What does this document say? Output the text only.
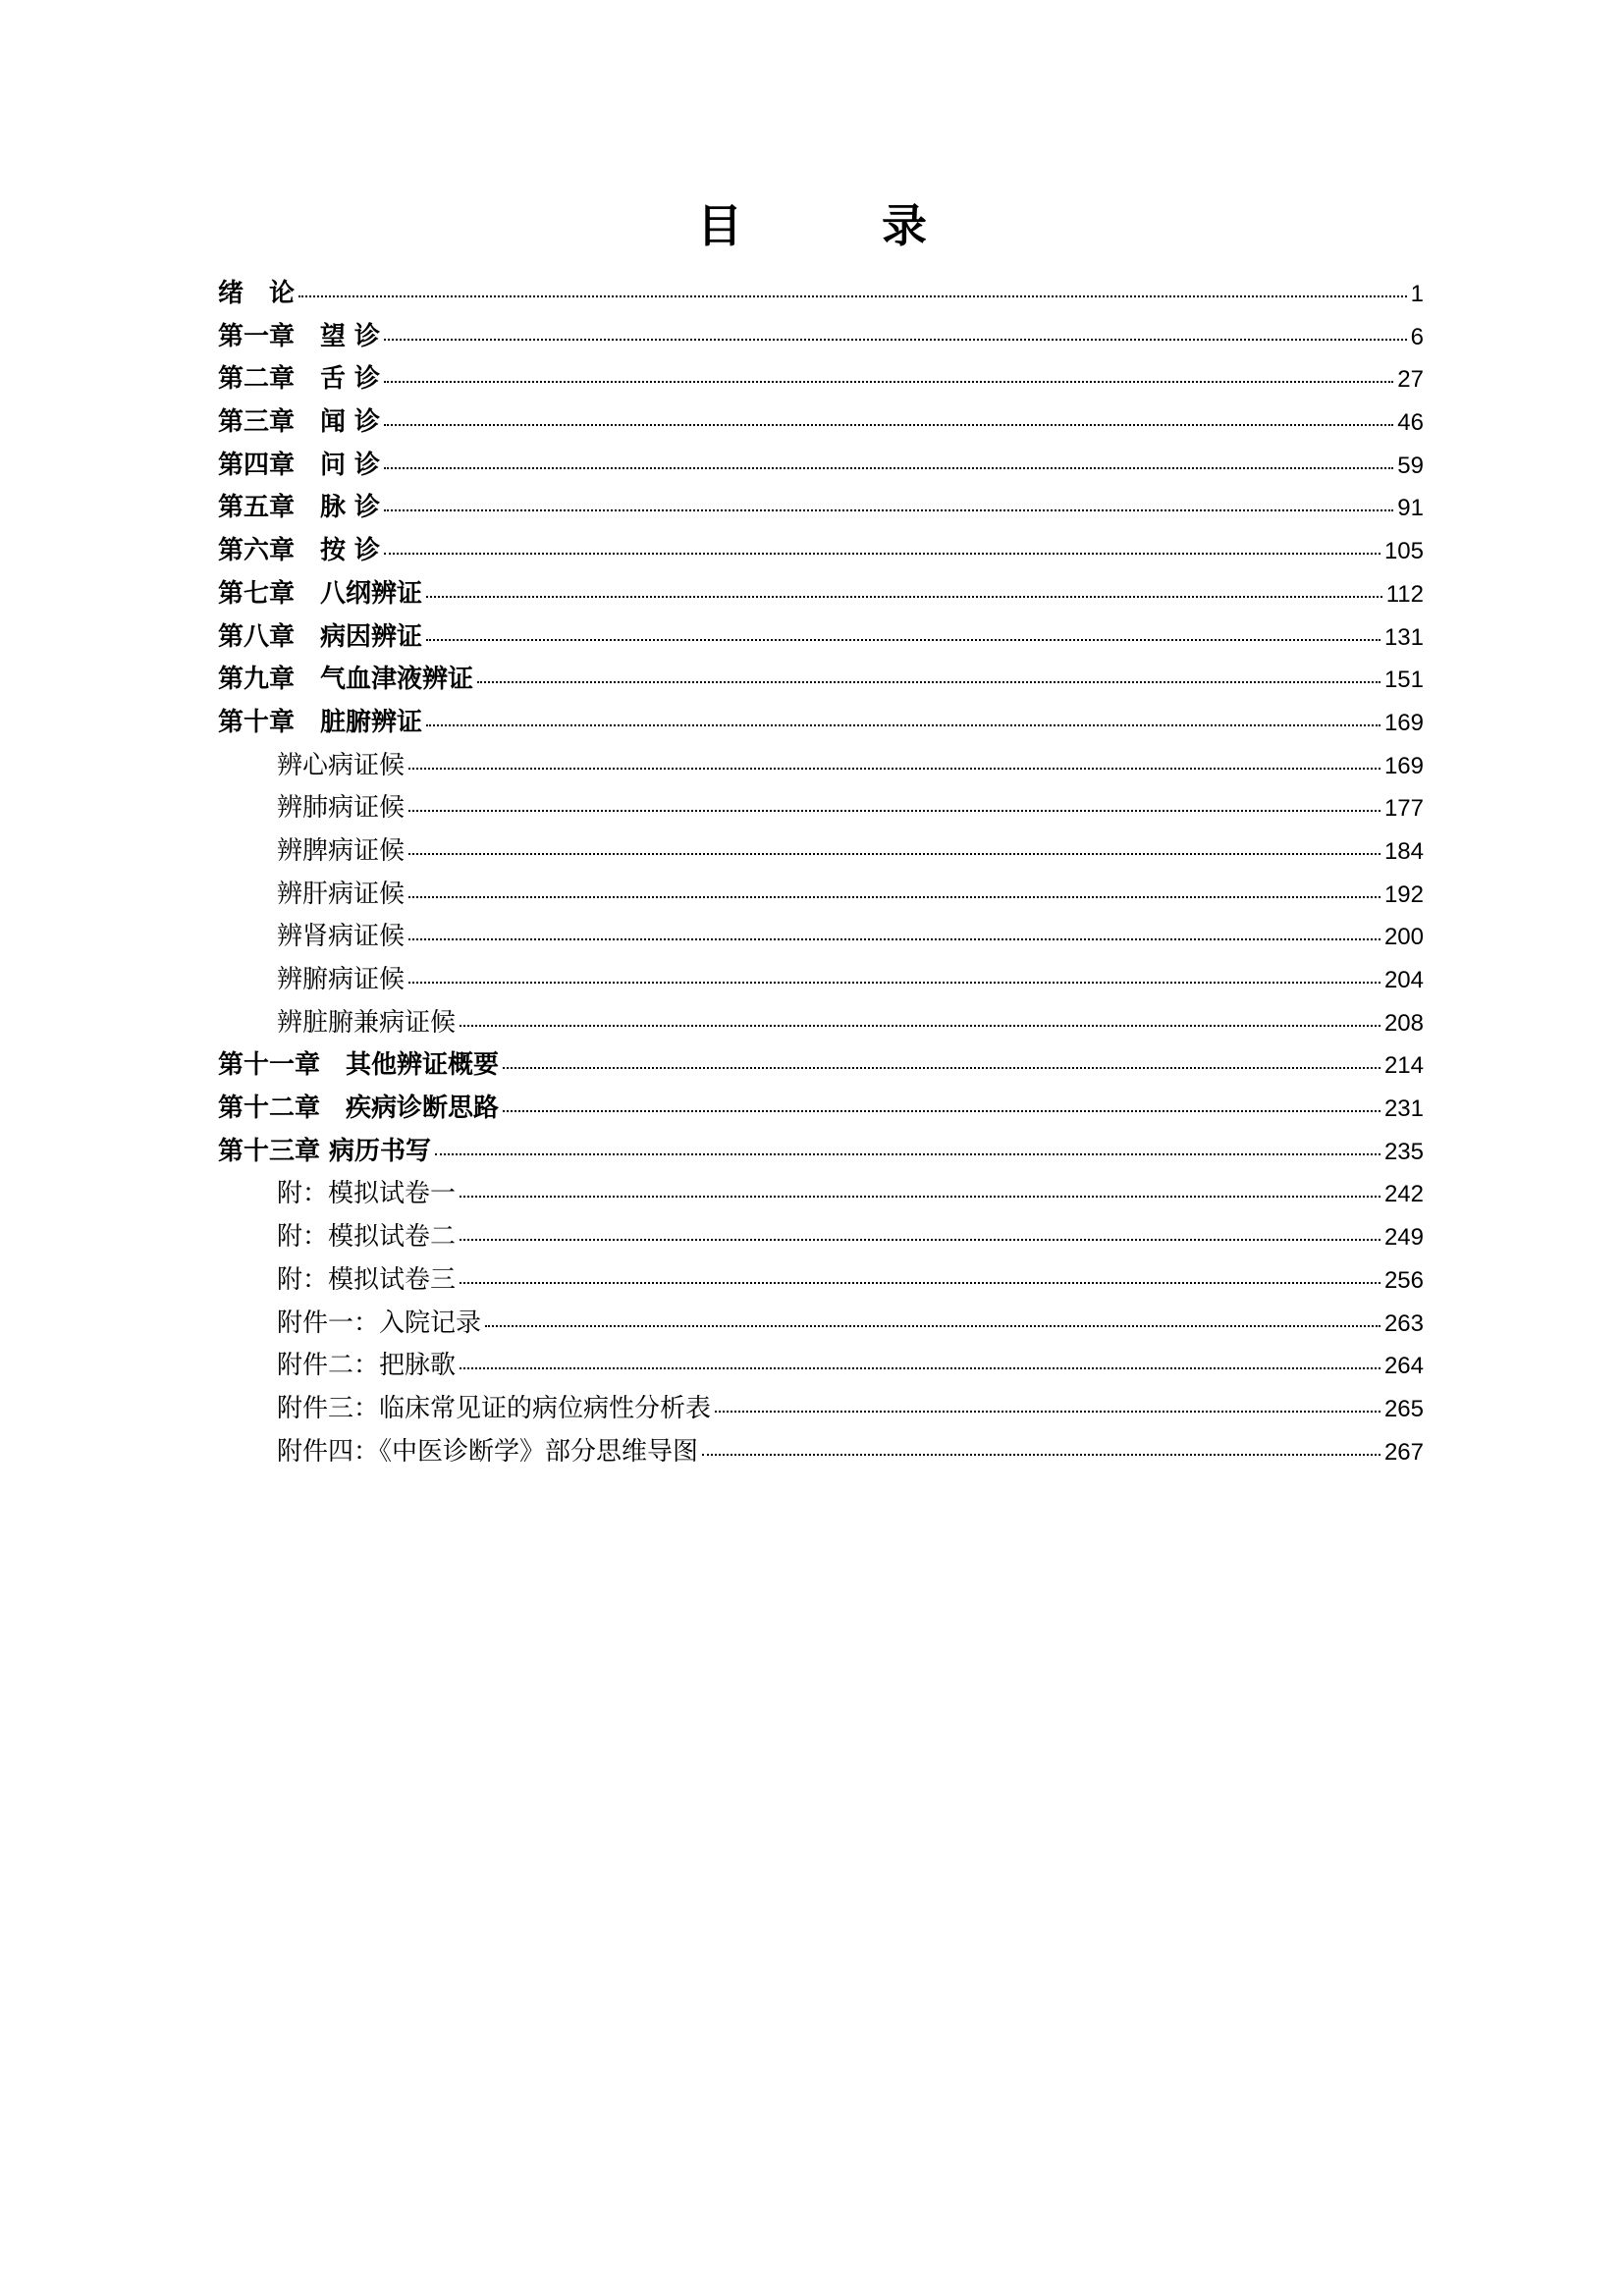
目　录
绪　论	1
第一章　望 诊	6
第二章　舌 诊	27
第三章　闻 诊	46
第四章　问 诊	59
第五章　脉 诊	91
第六章　按 诊	105
第七章　八纲辨证	112
第八章　病因辨证	131
第九章　气血津液辨证	151
第十章　脏腑辨证	169
辨心病证候	169
辨肺病证候	177
辨脾病证候	184
辨肝病证候	192
辨肾病证候	200
辨腑病证候	204
辨脏腑兼病证候	208
第十一章　其他辨证概要	214
第十二章　疾病诊断思路	231
第十三章 病历书写	235
附：模拟试卷一	242
附：模拟试卷二	249
附：模拟试卷三	256
附件一：入院记录	263
附件二：把脉歌	264
附件三：临床常见证的病位病性分析表	265
附件四：《中医诊断学》部分思维导图	267
